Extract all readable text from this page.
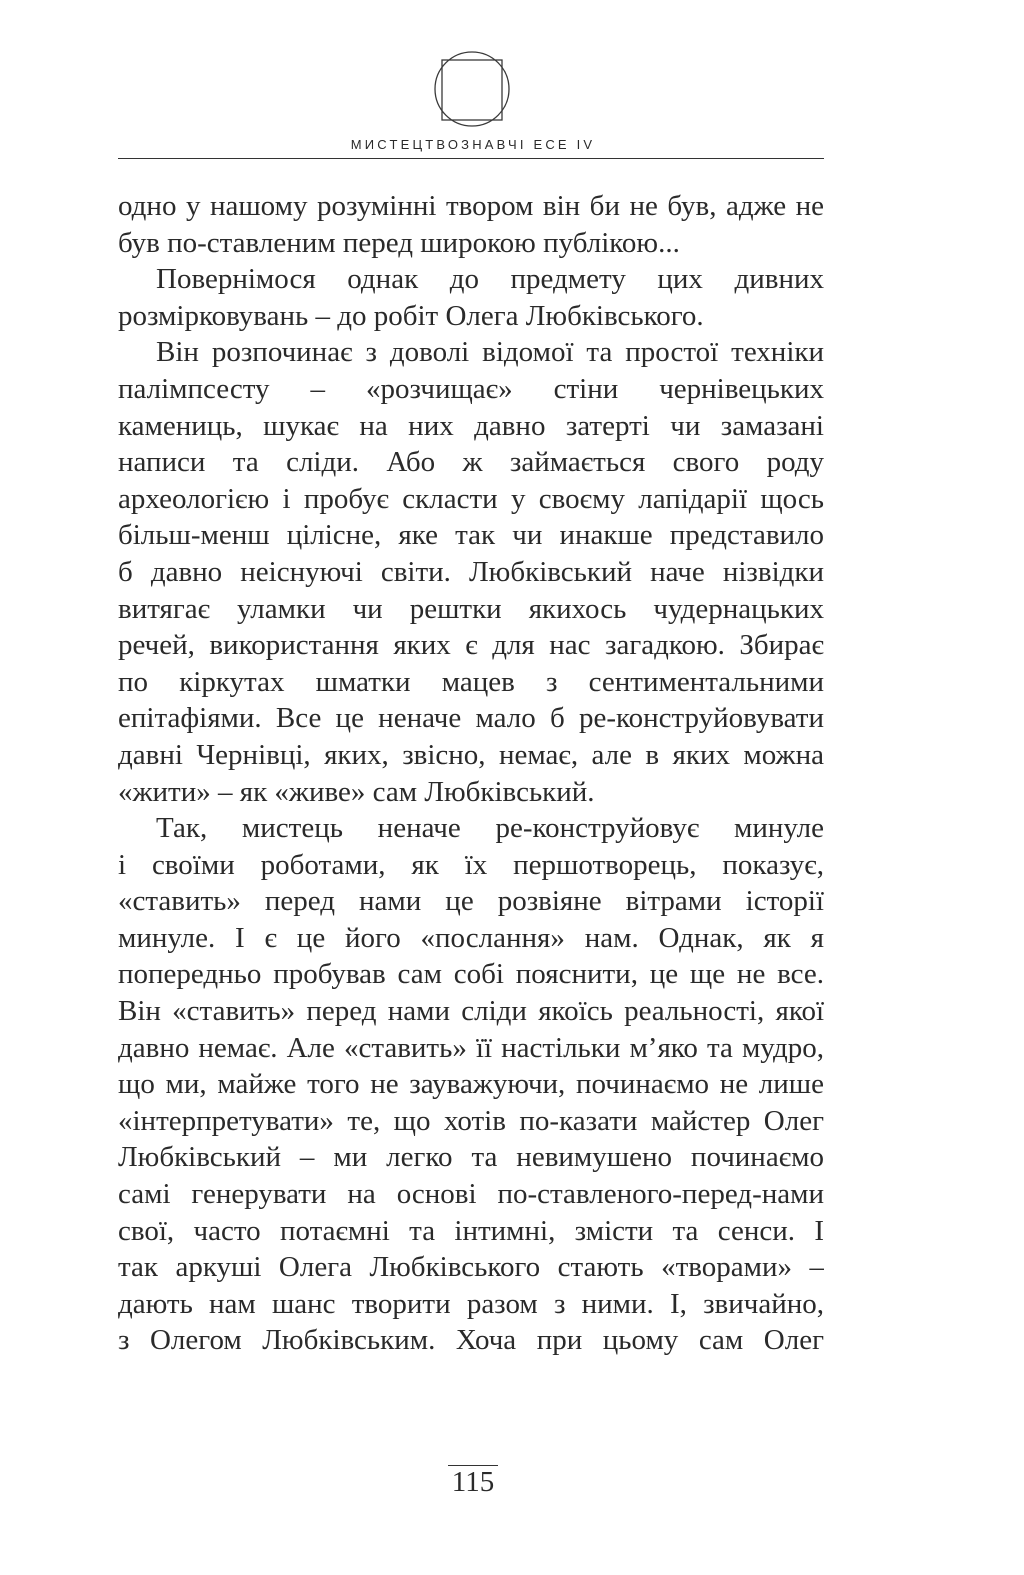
МИСТЕЦТВОЗНАВЧІ ЕСЕ IV
одно у нашому розумінні твором він би не був, адже не
був по-ставленим перед широкою публікою...
Повернімося однак до предмету цих дивних
розмірковувань – до робіт Олега Любківського.
Він розпочинає з доволі відомої та простої техніки
палімпсесту – «розчищає» стіни чернівецьких
камениць, шукає на них давно затерті чи замазані
написи та сліди. Або ж займається свого роду
археологією і пробує скласти у своєму лапідарії щось
більш-менш цілісне, яке так чи инакше представило
б давно неіснуючі світи. Любківський наче нізвідки
витягає уламки чи рештки якихось чудернацьких
речей, використання яких є для нас загадкою. Збирає
по кіркутах шматки мацев з сентиментальними
епітафіями. Все це неначе мало б ре-конструйовувати
давні Чернівці, яких, звісно, немає, але в яких можна
«жити» – як «живе» сам Любківський.
Так, мистець неначе ре-конструйовує минуле
і своїми роботами, як їх першотворець, показує,
«ставить» перед нами це розвіяне вітрами історії
минуле. І є це його «послання» нам. Однак, як я
попередньо пробував сам собі пояснити, це ще не все.
Він «ставить» перед нами сліди якоїсь реальності, якої
давно немає. Але «ставить» її настільки м’яко та мудро,
що ми, майже того не зауважуючи, починаємо не лише
«інтерпретувати» те, що хотів по-казати майстер Олег
Любківський – ми легко та невимушено починаємо
самі генерувати на основі по-ставленого-перед-нами
свої, часто потаємні та інтимні, змісти та сенси. І
так аркуші Олега Любківського стають «творами» –
дають нам шанс творити разом з ними. І, звичайно,
з Олегом Любківським. Хоча при цьому сам Олег
115
